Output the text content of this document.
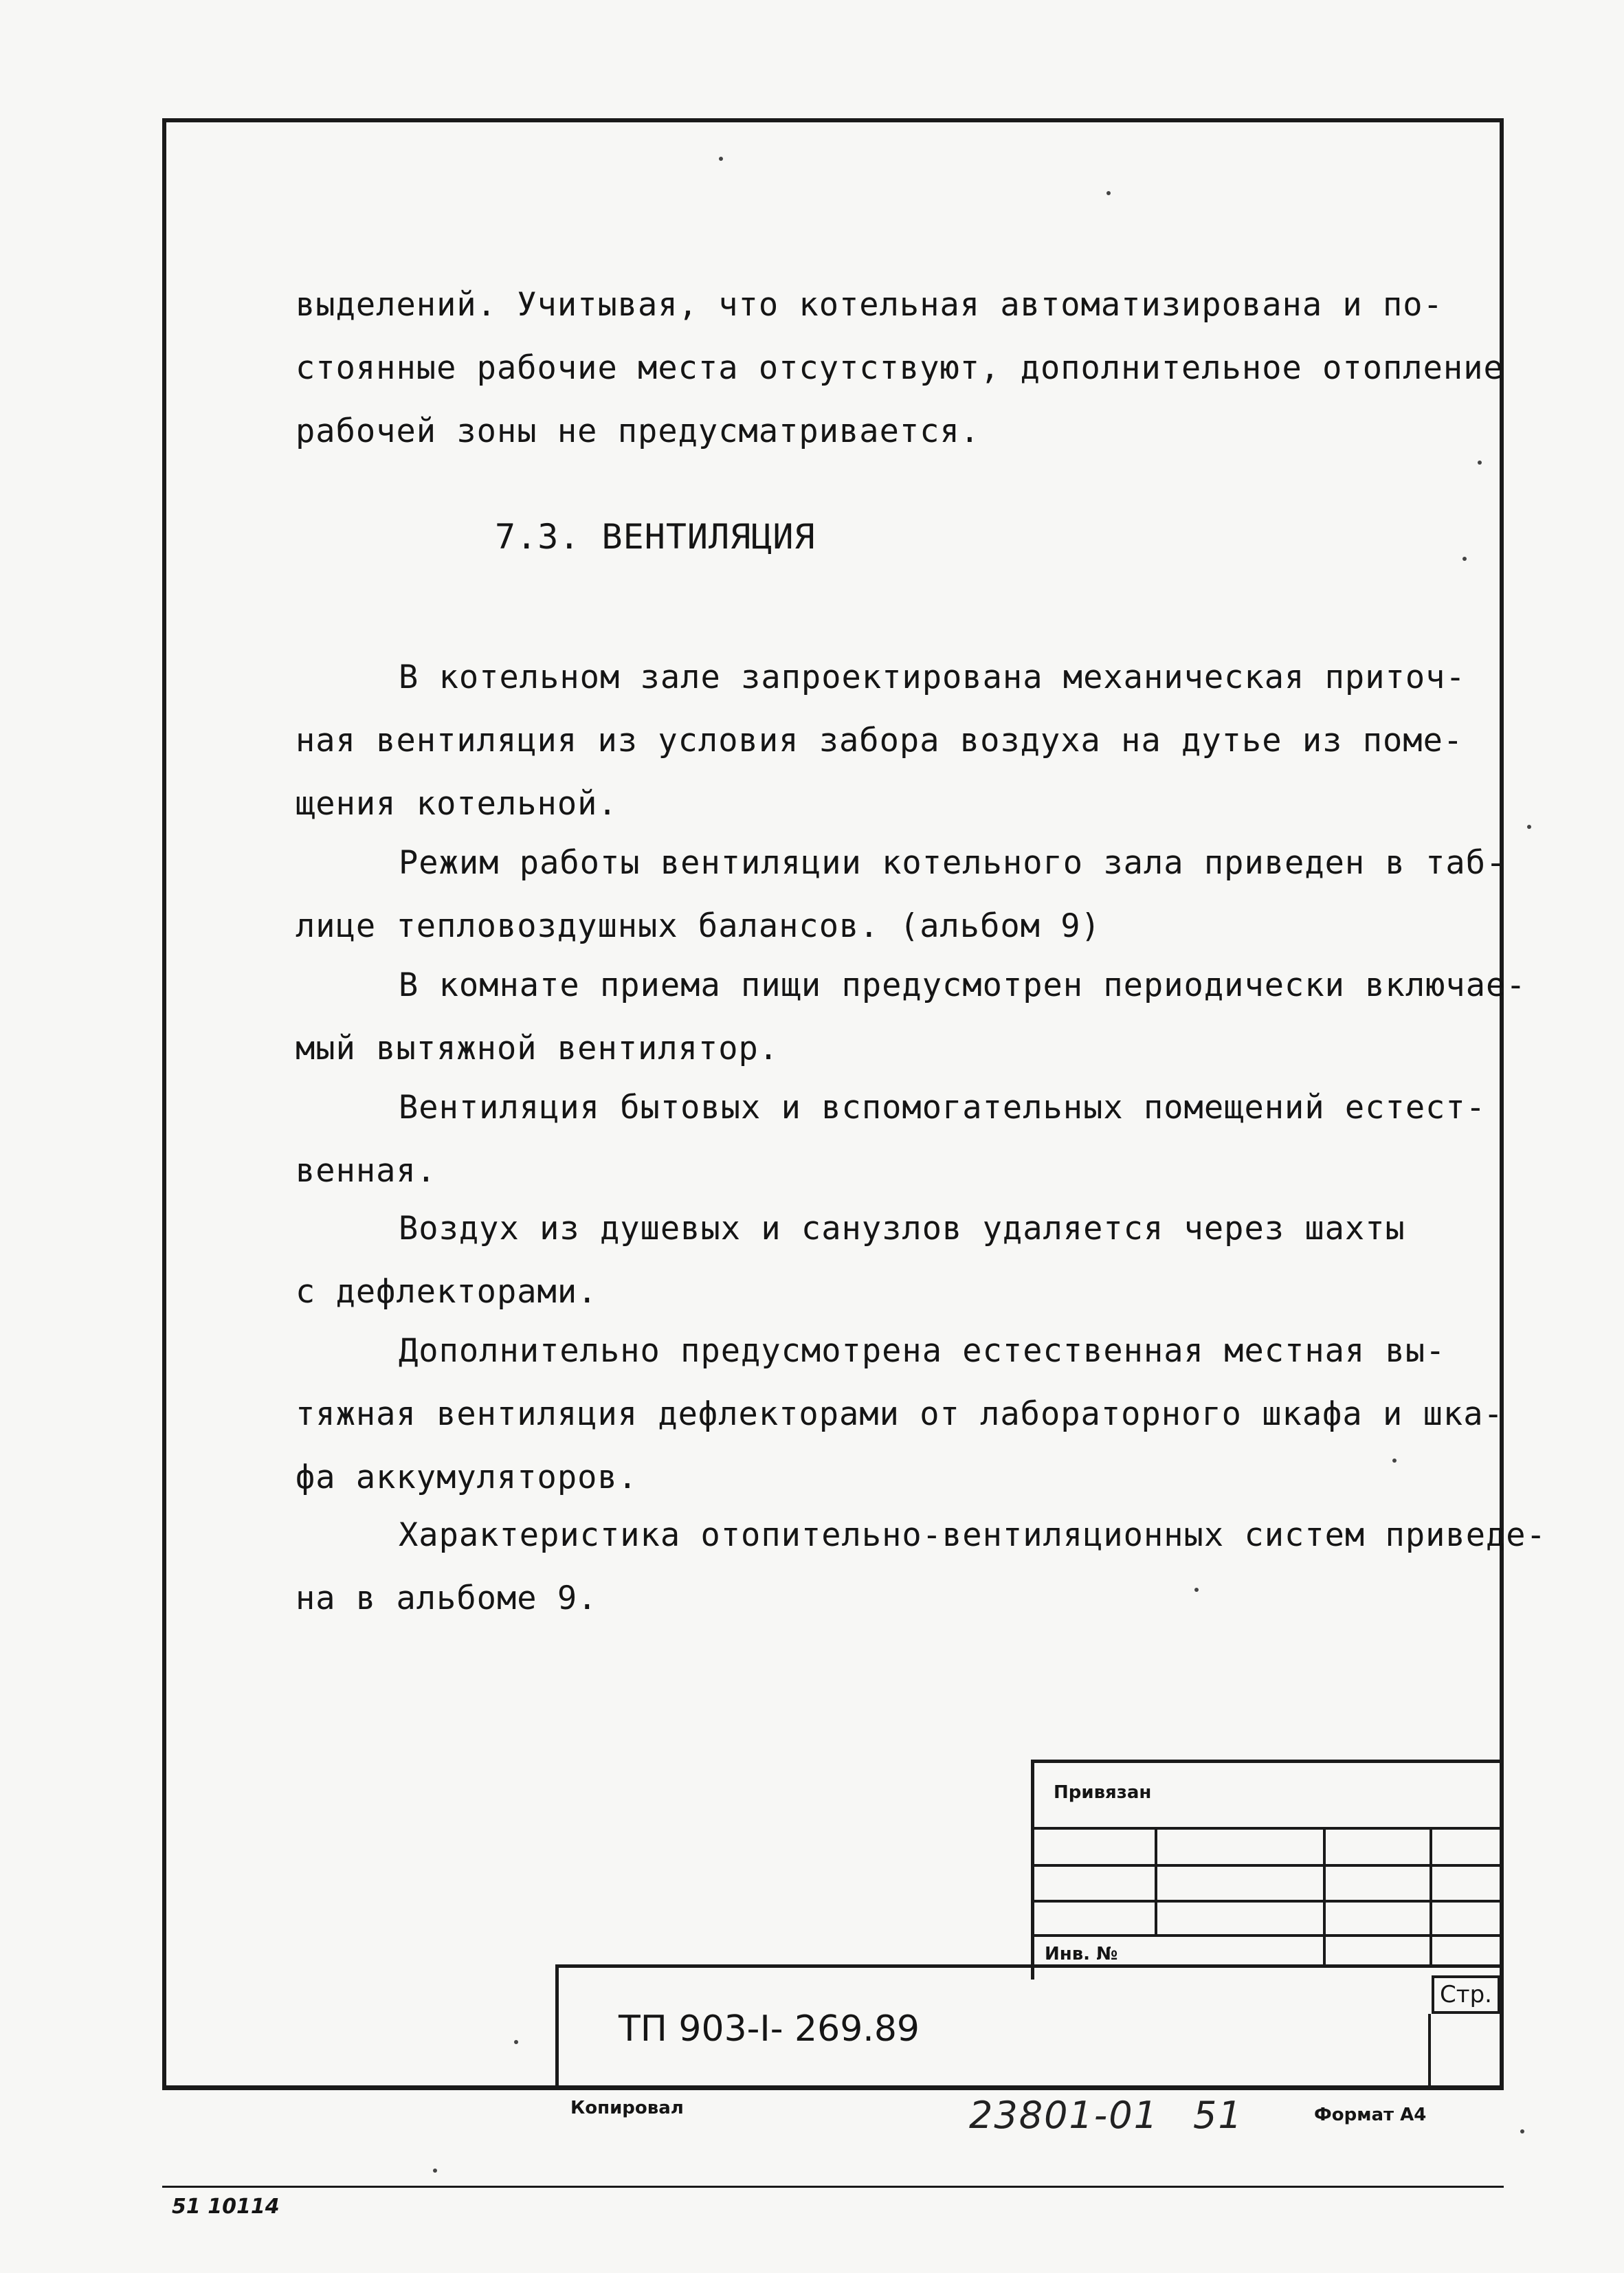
выделений. Учитывая, что котельная автоматизирована и по-
стоянные рабочие места отсутствуют, дополнительное отопление
рабочей зоны не предусматривается.
7.3. ВЕНТИЛЯЦИЯ
В котельном зале запроектирована механическая приточ-
ная вентиляция из условия забора воздуха на дутье из поме-
щения котельной.
Режим работы вентиляции котельного зала приведен в таб-
лице тепловоздушных балансов. (альбом 9)
В комнате приема пищи предусмотрен периодически включае-
мый вытяжной вентилятор.
Вентиляция бытовых и вспомогательных помещений естест-
венная.
Воздух из душевых и санузлов удаляется через шахты
с дефлекторами.
Дополнительно предусмотрена естественная местная вы-
тяжная вентиляция дефлекторами от лабораторного шкафа и шка-
фа аккумуляторов.
Характеристика отопительно-вентиляционных систем приведе-
на в альбоме 9.
Привязан
Инв. №
ТП 903-I- 269.89
Стр.
Копировал	23801-01 51	Формат А4
51 10114
